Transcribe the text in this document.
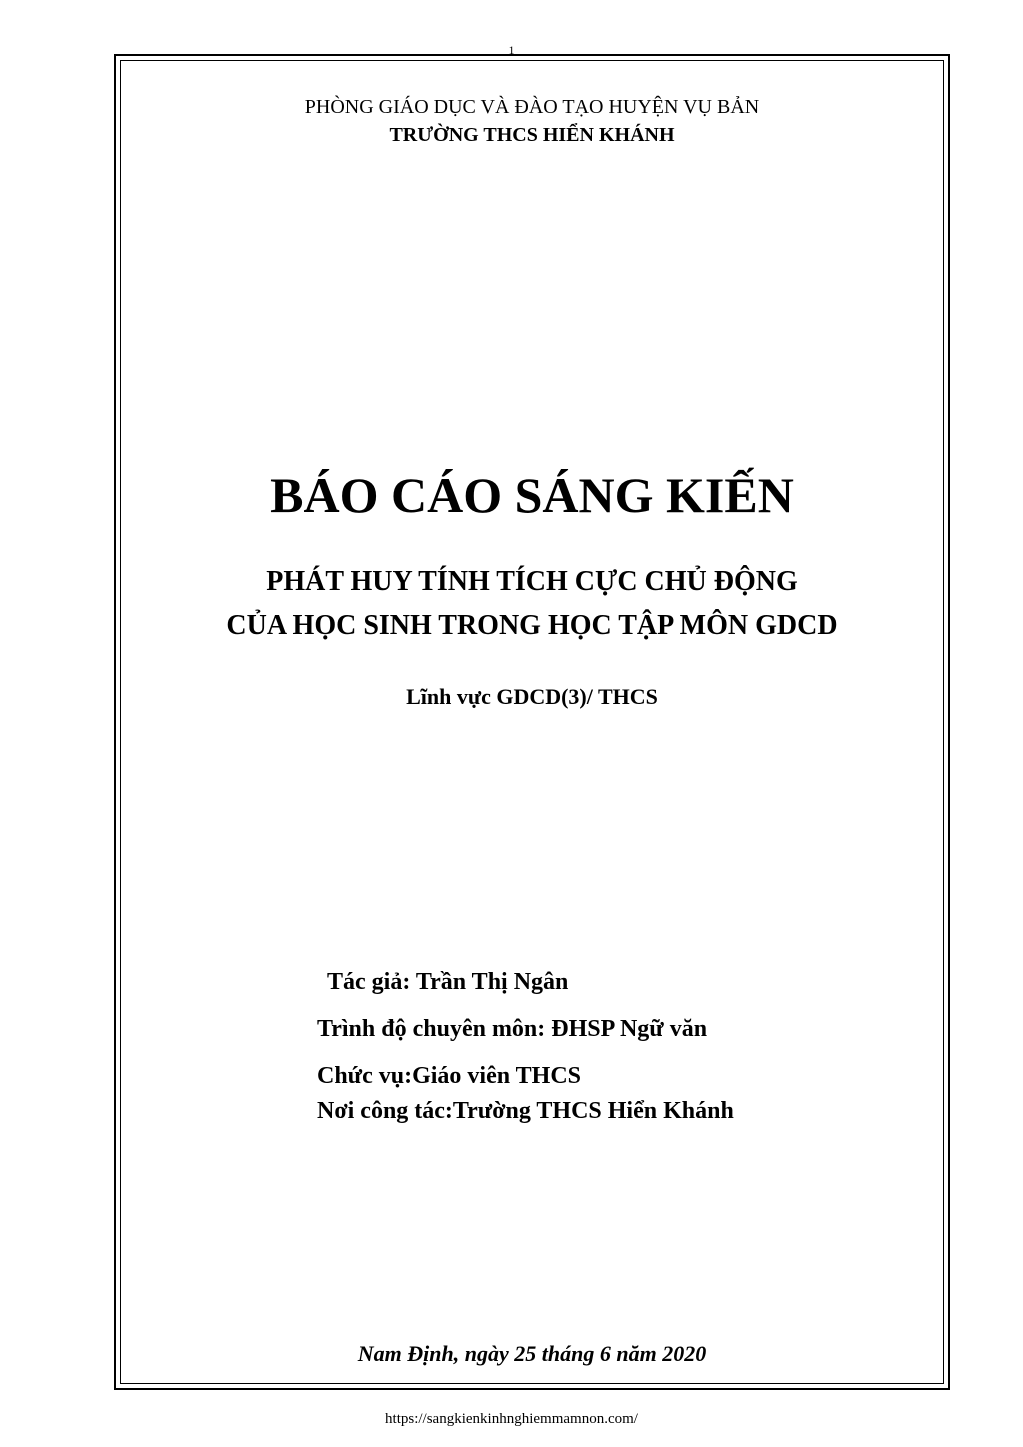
1
PHÒNG GIÁO DỤC VÀ ĐÀO TẠO HUYỆN VỤ BẢN
TRƯỜNG THCS HIỂN KHÁNH
BÁO CÁO SÁNG KIẾN
PHÁT HUY TÍNH TÍCH CỰC CHỦ ĐỘNG
CỦA HỌC SINH TRONG HỌC TẬP MÔN GDCD
Lĩnh vực GDCD(3)/ THCS
Tác giả: Trần Thị Ngân
Trình độ chuyên môn: ĐHSP Ngữ văn
Chức vụ:Giáo viên THCS
Nơi công tác:Trường THCS Hiển Khánh
Nam Định, ngày 25 tháng 6 năm 2020
https://sangkienkinhnghiemmamnon.com/
